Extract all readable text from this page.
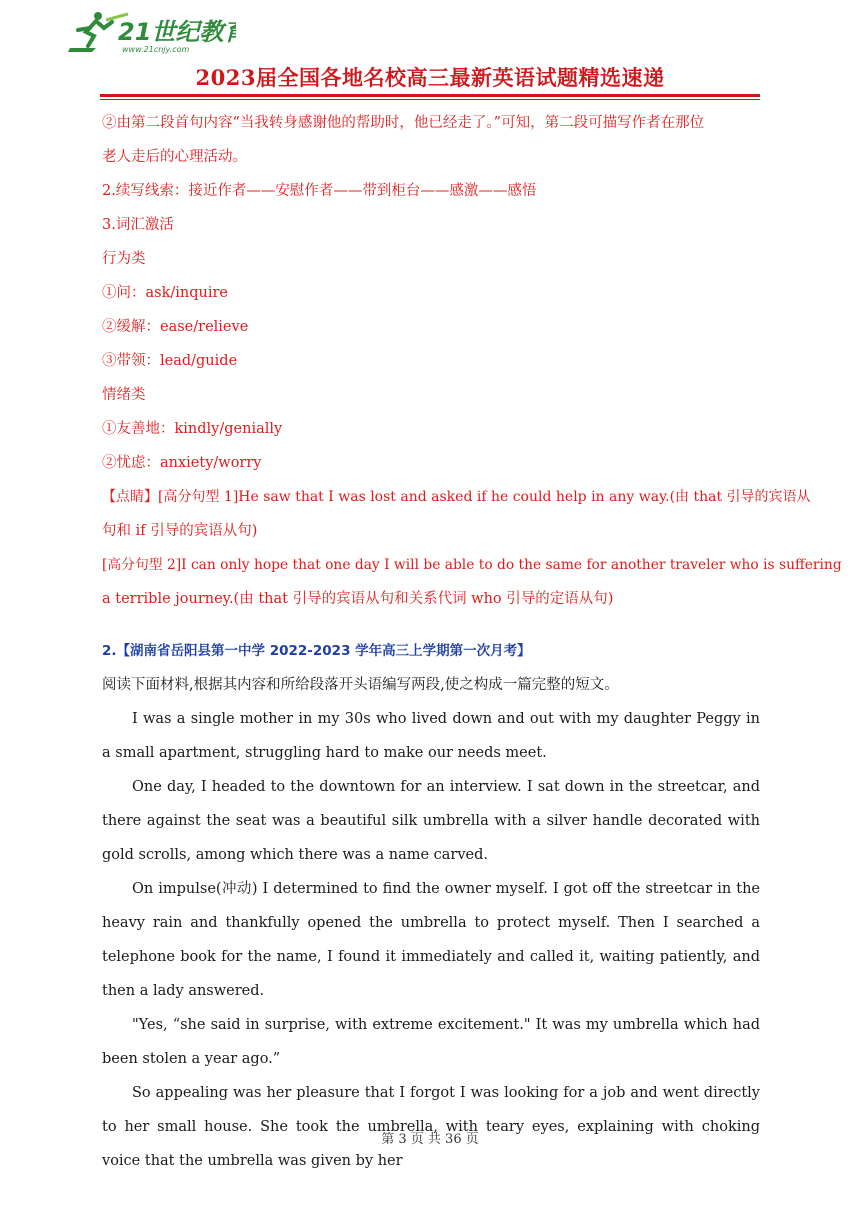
21世纪教育
www.21cnjy.com
2023届全国各地名校高三最新英语试题精选速递
②由第二段首句内容“当我转身感谢他的帮助时，他已经走了。”可知，第二段可描写作者在那位
老人走后的心理活动。
2.续写线索：接近作者——安慰作者——带到柜台——感激——感悟
3.词汇激活
行为类
①问：ask/inquire
②缓解：ease/relieve
③带领：lead/guide
情绪类
①友善地：kindly/genially
②忧虑：anxiety/worry
【点睛】[高分句型 1]He saw that I was lost and asked if he could help in any way.(由 that 引导的宾语从
句和 if 引导的宾语从句)
[高分句型 2]I can only hope that one day I will be able to do the same for another traveler who is suffering
a terrible journey.(由 that 引导的宾语从句和关系代词 who 引导的定语从句)
2.【湖南省岳阳县第一中学 2022-2023 学年高三上学期第一次月考】
阅读下面材料,根据其内容和所给段落开头语编写两段,使之构成一篇完整的短文。
I was a single mother in my 30s who lived down and out with my daughter Peggy in a small apartment, struggling hard to make our needs meet.
One day, I headed to the downtown for an interview. I sat down in the streetcar, and there against the seat was a beautiful silk umbrella with a silver handle decorated with gold scrolls, among which there was a name carved.
On impulse(冲动) I determined to find the owner myself. I got off the streetcar in the heavy rain and thankfully opened the umbrella to protect myself. Then I searched a telephone book for the name, I found it immediately and called it, waiting patiently, and then a lady answered.
"Yes, “she said in surprise, with extreme excitement." It was my umbrella which had been stolen a year ago.”
So appealing was her pleasure that I forgot I was looking for a job and went directly to her small house. She took the umbrella, with teary eyes, explaining with choking voice that the umbrella was given by her
第 3 页 共 36 页
